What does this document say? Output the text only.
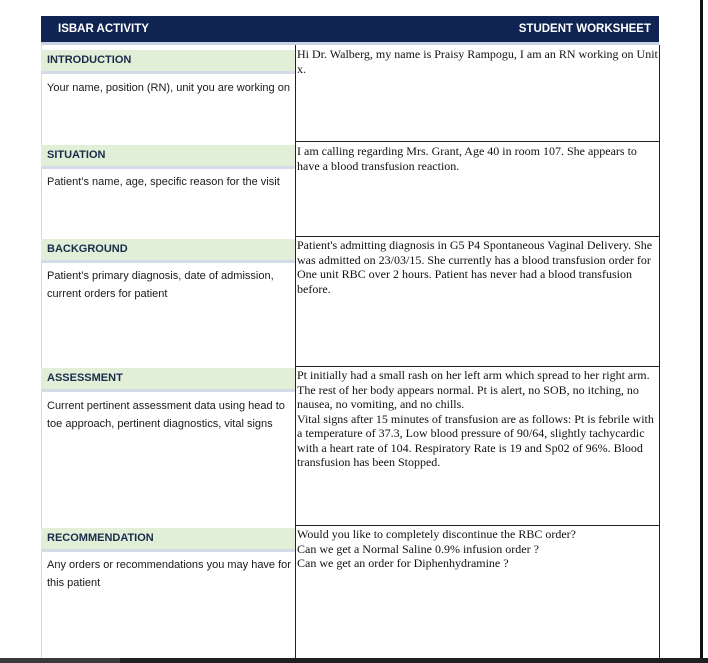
ISBAR ACTIVITY	STUDENT WORKSHEET
INTRODUCTION
Your name, position (RN), unit you are working on
Hi Dr. Walberg, my name is Praisy Rampogu, I am an RN working on Unit x.
SITUATION
Patient’s name, age, specific reason for the visit
I am calling regarding Mrs. Grant, Age 40 in room 107. She appears to have a blood transfusion reaction.
BACKGROUND
Patient’s primary diagnosis, date of admission, current orders for patient
Patient's admitting diagnosis in G5 P4 Spontaneous Vaginal Delivery. She was admitted on 23/03/15. She currently has a blood transfusion order for One unit RBC over 2 hours. Patient has never had a blood transfusion before.
ASSESSMENT
Current pertinent assessment data using head to toe approach, pertinent diagnostics, vital signs
Pt initially had a small rash on her left arm which spread to her right arm. The rest of her body appears normal. Pt is alert, no SOB, no itching, no nausea, no vomiting, and no chills.
Vital signs after 15 minutes of transfusion are as follows: Pt is febrile with a temperature of 37.3, Low blood pressure of 90/64, slightly tachycardic with a heart rate of 104. Respiratory Rate is 19 and Sp02 of 96%. Blood transfusion has been Stopped.
RECOMMENDATION
Any orders or recommendations you may have for this patient
Would you like to completely discontinue the RBC order?
Can we get a Normal Saline 0.9% infusion order ?
Can we get an order for Diphenhydramine ?
